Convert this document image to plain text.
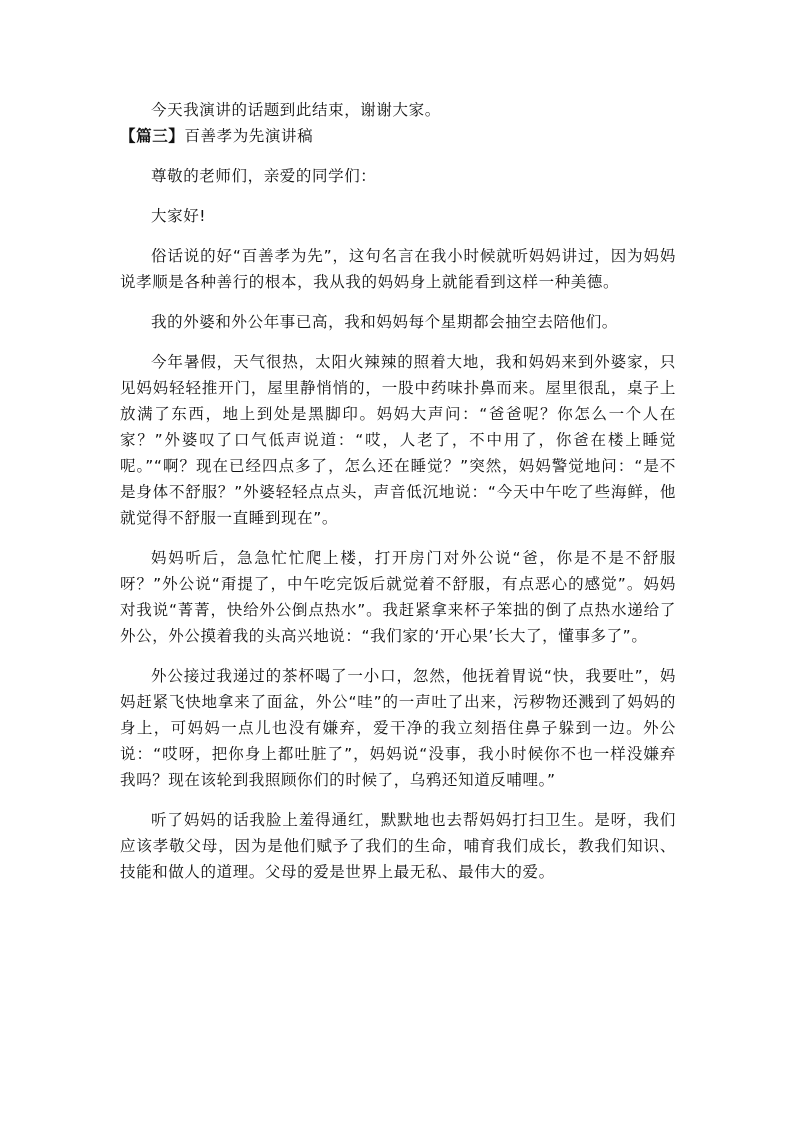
今天我演讲的话题到此结束，谢谢大家。

【篇三】百善孝为先演讲稿

尊敬的老师们，亲爱的同学们：

大家好!

俗话说的好“百善孝为先”，这句名言在我小时候就听妈妈讲过，因为妈妈说孝顺是各种善行的根本，我从我的妈妈身上就能看到这样一种美德。

我的外婆和外公年事已高，我和妈妈每个星期都会抽空去陪他们。

今年暑假，天气很热，太阳火辣辣的照着大地，我和妈妈来到外婆家，只见妈妈轻轻推开门，屋里静悄悄的，一股中药味扑鼻而来。屋里很乱，桌子上放满了东西，地上到处是黑脚印。妈妈大声问：“爸爸呢？你怎么一个人在家？”外婆叹了口气低声说道：“哎，人老了，不中用了，你爸在楼上睡觉呢。”“啊？现在已经四点多了，怎么还在睡觉？”突然，妈妈警觉地问：“是不是身体不舒服？”外婆轻轻点点头，声音低沉地说：“今天中午吃了些海鲜，他就觉得不舒服一直睡到现在”。

妈妈听后，急急忙忙爬上楼，打开房门对外公说“爸，你是不是不舒服呀？”外公说“甭提了，中午吃完饭后就觉着不舒服，有点恶心的感觉”。妈妈对我说“菁菁，快给外公倒点热水”。我赶紧拿来杯子笨拙的倒了点热水递给了外公，外公摸着我的头高兴地说：“我们家的‘开心果’长大了，懂事多了”。

外公接过我递过的茶杯喝了一小口，忽然，他抚着胃说“快，我要吐”，妈妈赶紧飞快地拿来了面盆，外公“哇”的一声吐了出来，污秽物还溅到了妈妈的身上，可妈妈一点儿也没有嫌弃，爱干净的我立刻捂住鼻子躲到一边。外公说：“哎呀，把你身上都吐脏了”，妈妈说“没事，我小时候你不也一样没嫌弃我吗？现在该轮到我照顾你们的时候了，乌鸦还知道反哺哩。”

听了妈妈的话我脸上羞得通红，默默地也去帮妈妈打扫卫生。是呀，我们应该孝敬父母，因为是他们赋予了我们的生命，哺育我们成长，教我们知识、技能和做人的道理。父母的爱是世界上最无私、最伟大的爱。
